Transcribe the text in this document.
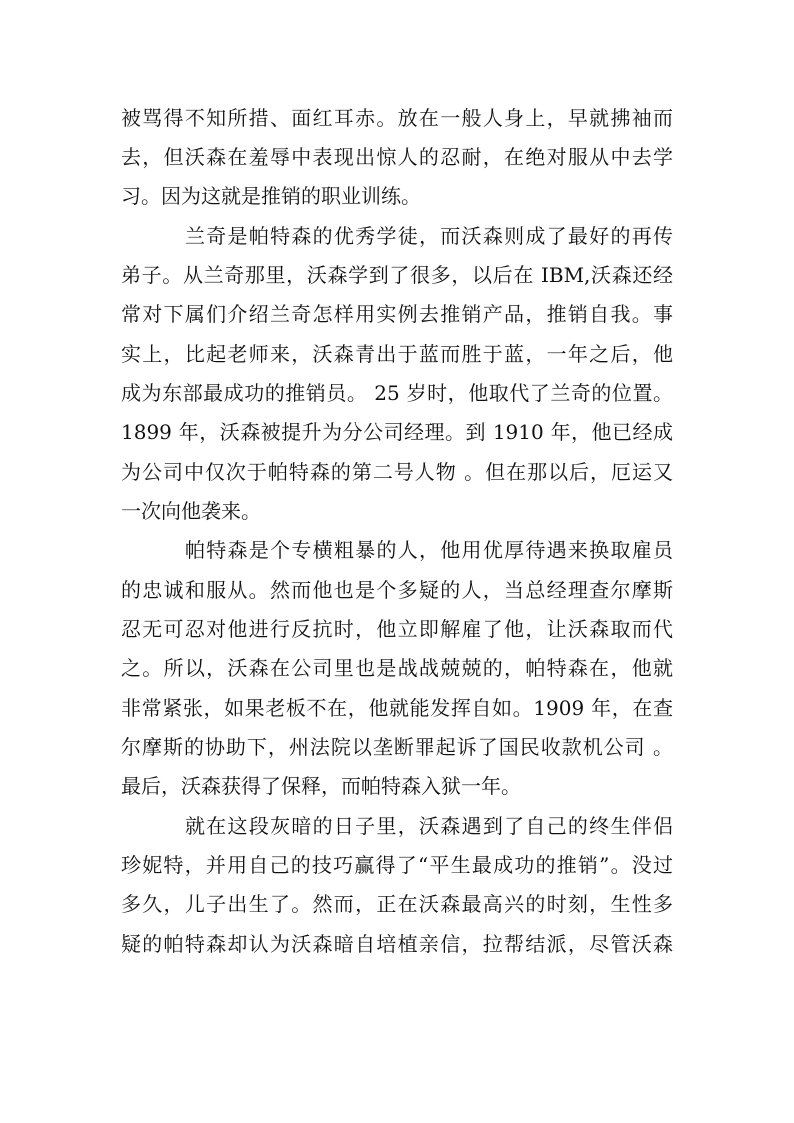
被骂得不知所措、面红耳赤。放在一般人身上，早就拂袖而
去，但沃森在羞辱中表现出惊人的忍耐，在绝对服从中去学
习。因为这就是推销的职业训练。
兰奇是帕特森的优秀学徒，而沃森则成了最好的再传
弟子。从兰奇那里，沃森学到了很多，以后在 IBM,沃森还经
常对下属们介绍兰奇怎样用实例去推销产品，推销自我。事
实上，比起老师来，沃森青出于蓝而胜于蓝，一年之后，他
成为东部最成功的推销员。 25 岁时，他取代了兰奇的位置。
1899 年，沃森被提升为分公司经理。到 1910 年，他已经成
为公司中仅次于帕特森的第二号人物 。但在那以后，厄运又
一次向他袭来。
帕特森是个专横粗暴的人，他用优厚待遇来换取雇员
的忠诚和服从。然而他也是个多疑的人，当总经理查尔摩斯
忍无可忍对他进行反抗时，他立即解雇了他，让沃森取而代
之。所以，沃森在公司里也是战战兢兢的，帕特森在，他就
非常紧张，如果老板不在，他就能发挥自如。1909 年，在查
尔摩斯的协助下，州法院以垄断罪起诉了国民收款机公司 。
最后，沃森获得了保释，而帕特森入狱一年。
就在这段灰暗的日子里，沃森遇到了自己的终生伴侣
珍妮特，并用自己的技巧赢得了“平生最成功的推销”。没过
多久，儿子出生了。然而，正在沃森最高兴的时刻，生性多
疑的帕特森却认为沃森暗自培植亲信，拉帮结派，尽管沃森
